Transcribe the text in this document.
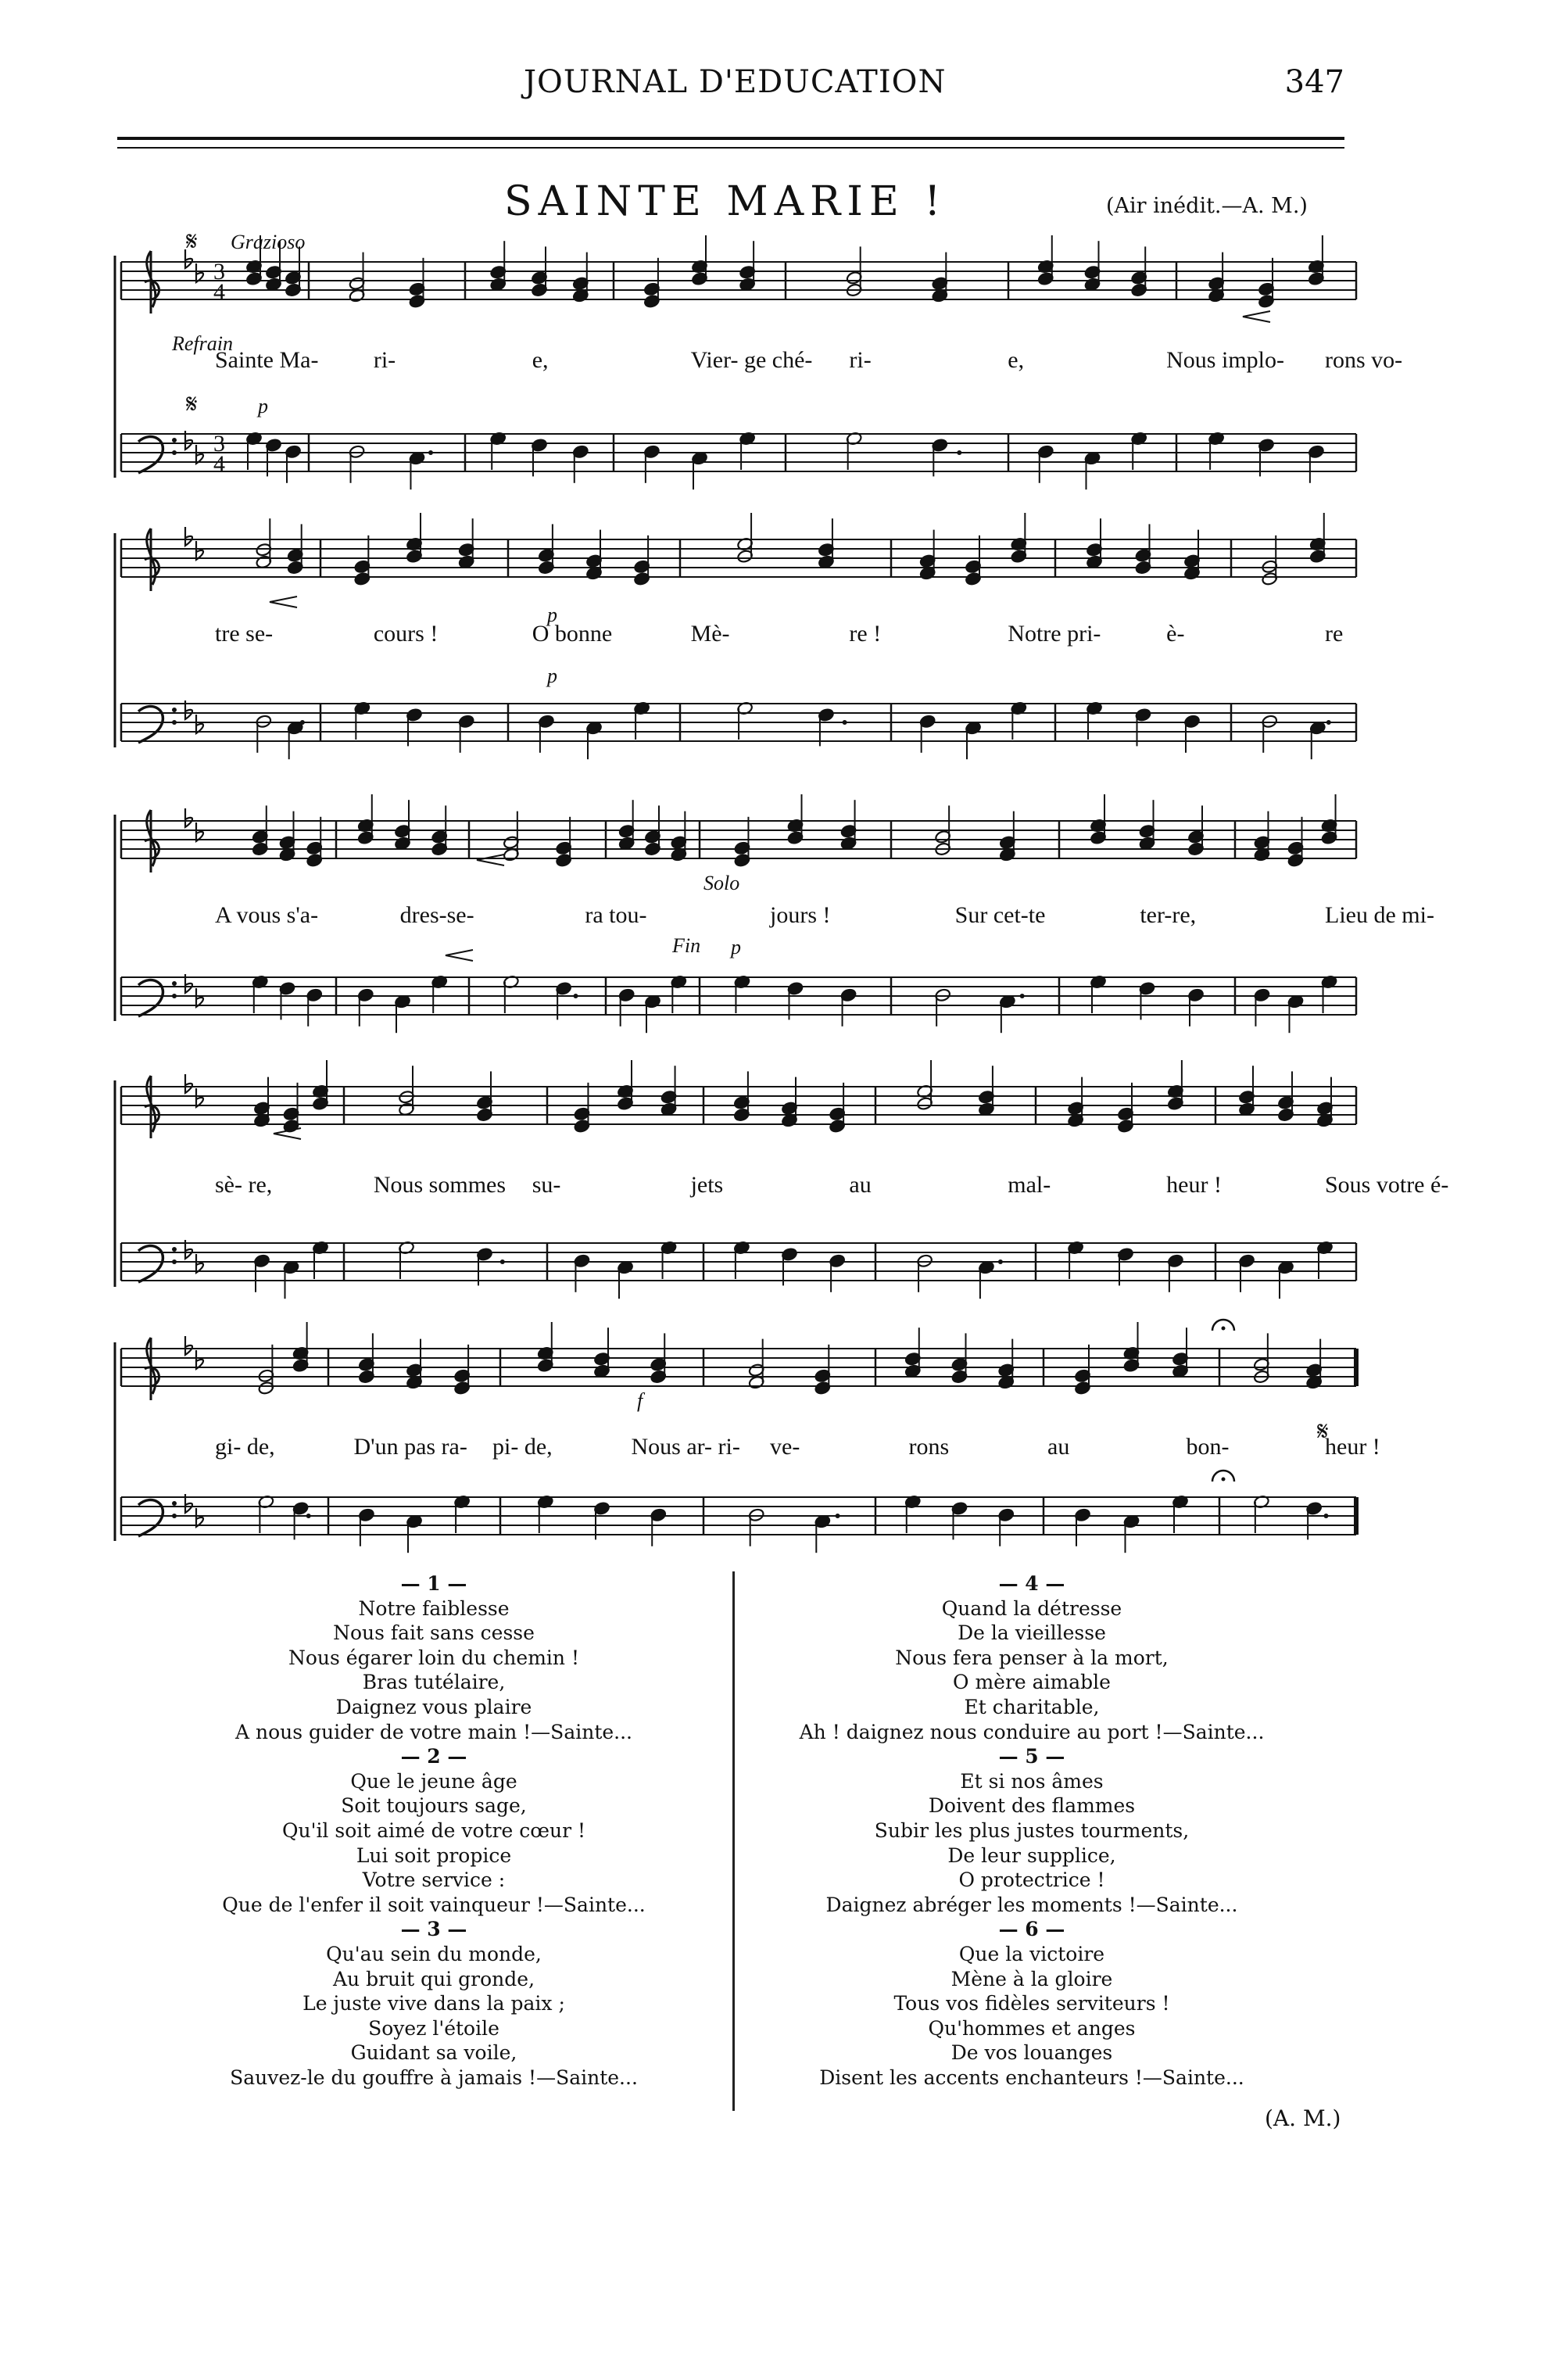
JOURNAL D'EDUCATION	347
SAINTE MARIE !	(Air inédit.—A. M.)
3
4
3
4
Sainte Ma- ri-	e,	Vier- ge ché- ri-	e,	Nous implo- rons vo-
tre se-	cours !	O bonne	Mè-	re !	Notre pri-	è-	re
A vous s'a-	dres-se-	ra tou-	jours !	Sur cet-te	ter-re,	Lieu de mi-
sè- re,	Nous sommes su-	jets	au	mal-	heur !	Sous votre é-
gi- de,	D'un pas ra- pi- de,	Nous ar- ri- ve-	rons	au	bon-	heur !
Grazioso
𝄋
Refrain
𝄋	p
p
p
Solo
Fin p
f
𝄋
— 1 —
Notre faiblesse
Nous fait sans cesse
Nous égarer loin du chemin !
Bras tutélaire,
Daignez vous plaire
A nous guider de votre main !—Sainte...
— 2 —
Que le jeune âge
Soit toujours sage,
Qu'il soit aimé de votre cœur !
Lui soit propice
Votre service :
Que de l'enfer il soit vainqueur !—Sainte...
— 3 —
Qu'au sein du monde,
Au bruit qui gronde,
Le juste vive dans la paix ;
Soyez l'étoile
Guidant sa voile,
Sauvez-le du gouffre à jamais !—Sainte...
— 4 —
Quand la détresse
De la vieillesse
Nous fera penser à la mort,
O mère aimable
Et charitable,
Ah ! daignez nous conduire au port !—Sainte...
— 5 —
Et si nos âmes
Doivent des flammes
Subir les plus justes tourments,
De leur supplice,
O protectrice !
Daignez abréger les moments !—Sainte...
— 6 —
Que la victoire
Mène à la gloire
Tous vos fidèles serviteurs !
Qu'hommes et anges
De vos louanges
Disent les accents enchanteurs !—Sainte...
(A. M.)
